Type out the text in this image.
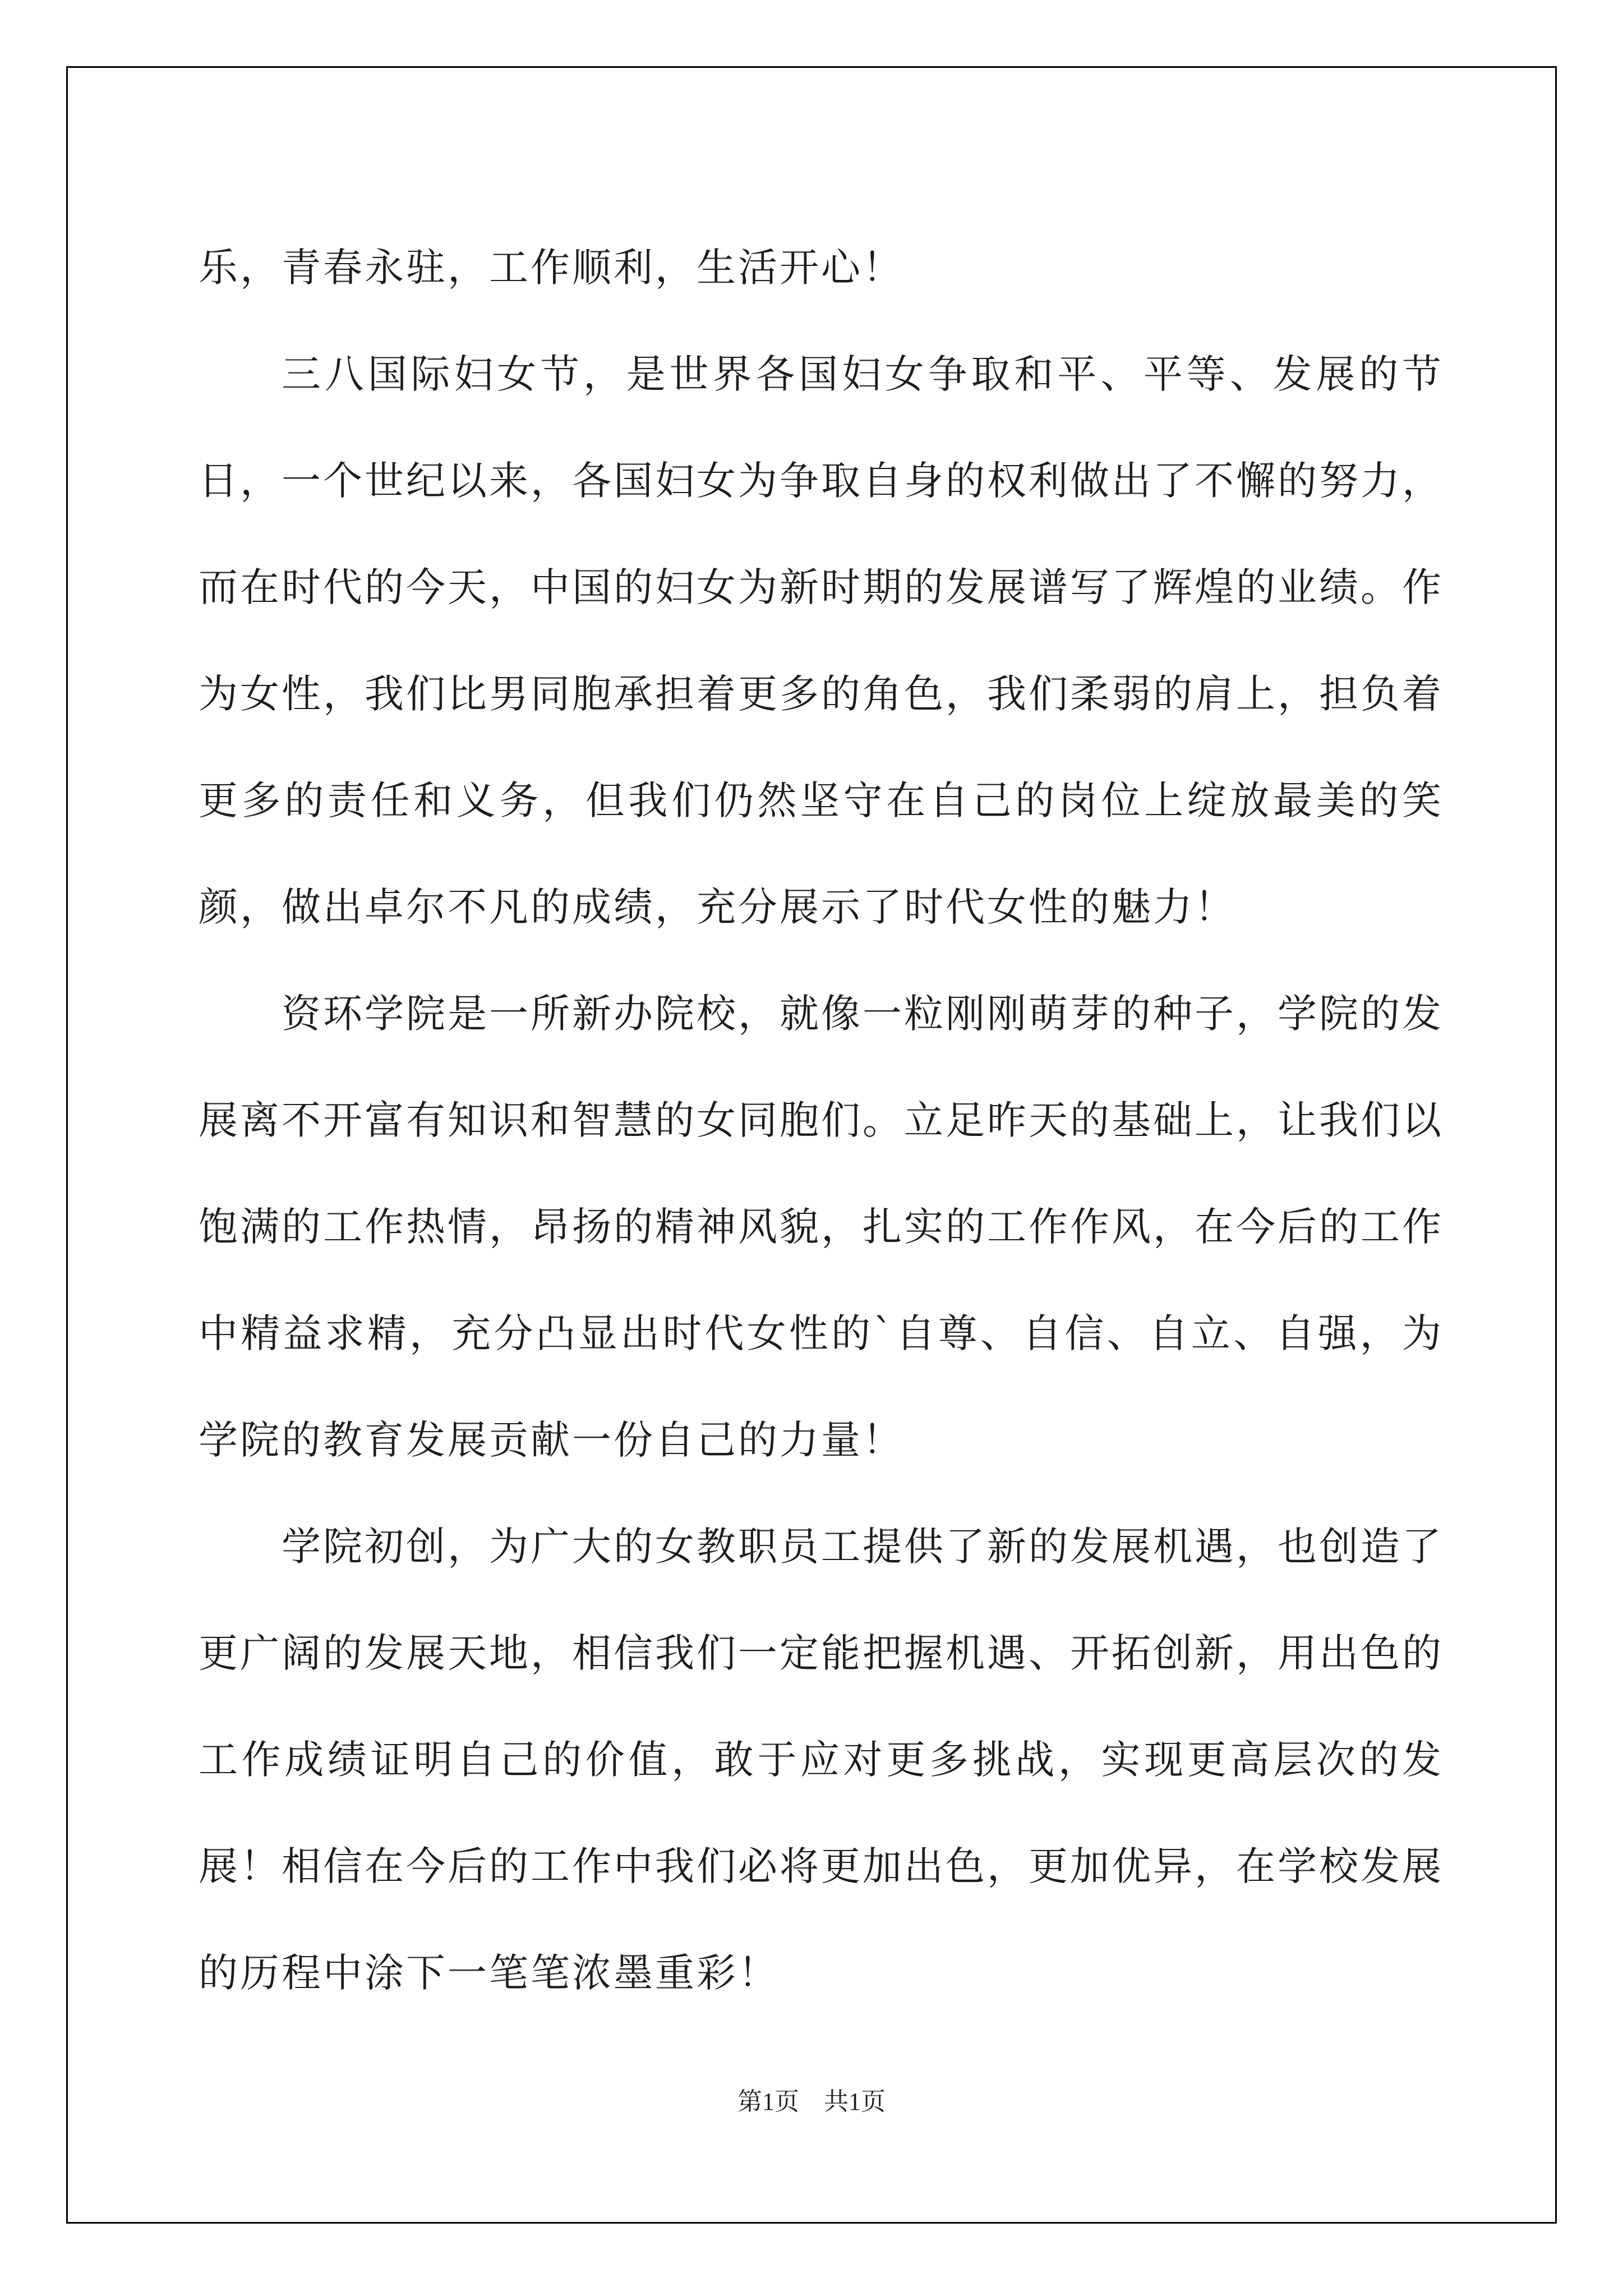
乐，青春永驻，工作顺利，生活开心！

三八国际妇女节，是世界各国妇女争取和平、平等、发展的节日，一个世纪以来，各国妇女为争取自身的权利做出了不懈的努力，而在时代的今天，中国的妇女为新时期的发展谱写了辉煌的业绩。作为女性，我们比男同胞承担着更多的角色，我们柔弱的肩上，担负着更多的责任和义务，但我们仍然坚守在自己的岗位上绽放最美的笑颜，做出卓尔不凡的成绩，充分展示了时代女性的魅力！

资环学院是一所新办院校，就像一粒刚刚萌芽的种子，学院的发展离不开富有知识和智慧的女同胞们。立足昨天的基础上，让我们以饱满的工作热情，昂扬的精神风貌，扎实的工作作风，在今后的工作中精益求精，充分凸显出时代女性的`自尊、自信、自立、自强，为学院的教育发展贡献一份自己的力量！

学院初创，为广大的女教职员工提供了新的发展机遇，也创造了更广阔的发展天地，相信我们一定能把握机遇、开拓创新，用出色的工作成绩证明自己的价值，敢于应对更多挑战，实现更高层次的发展！相信在今后的工作中我们必将更加出色，更加优异，在学校发展的历程中涂下一笔笔浓墨重彩！

第1页　共1页
